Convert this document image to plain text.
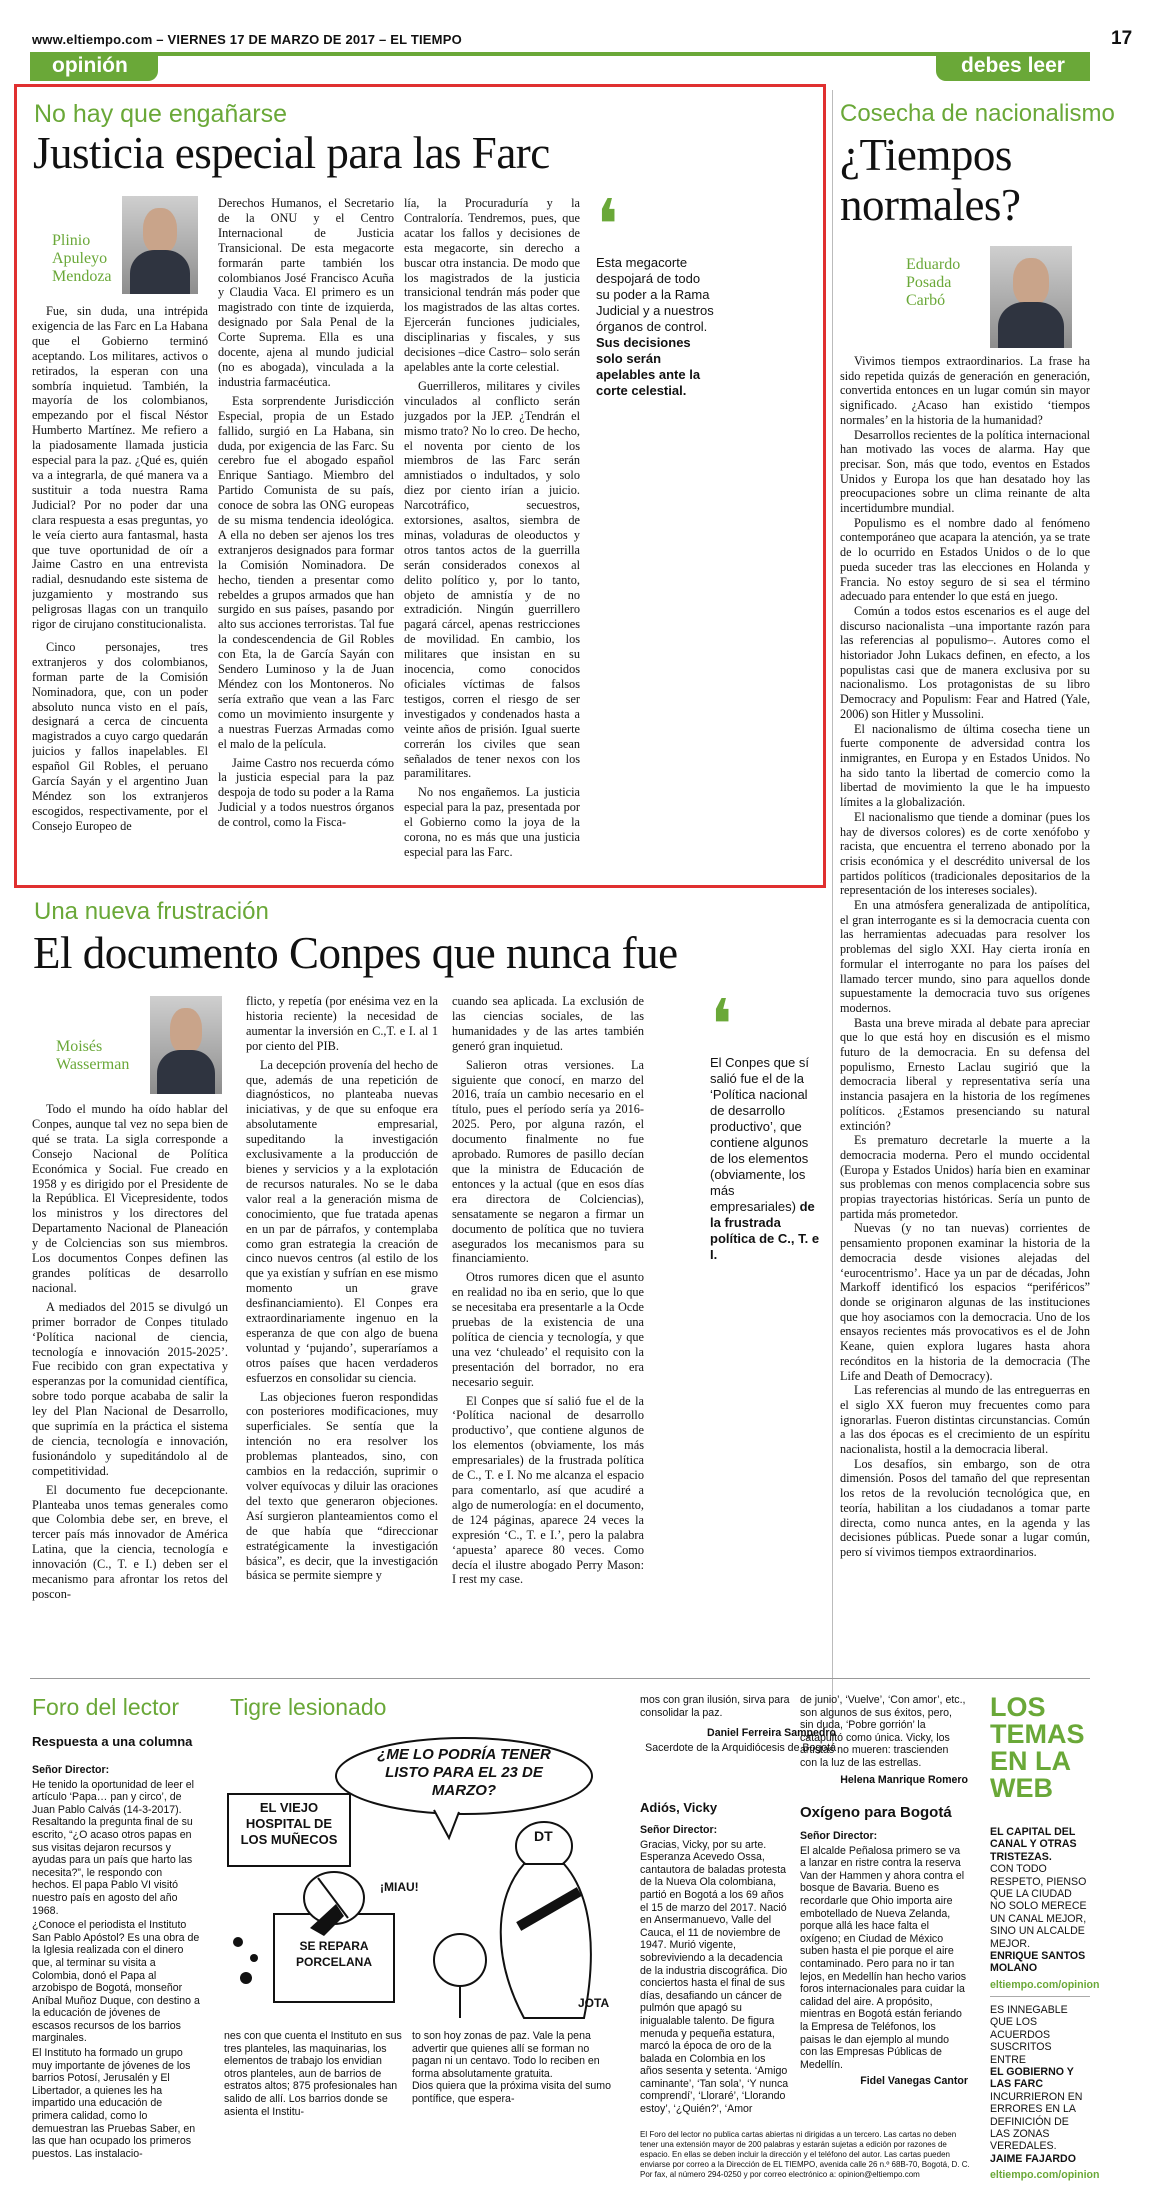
www.eltiempo.com – VIERNES 17 DE MARZO DE 2017 – EL TIEMPO	17
opinión	debes leer
No hay que engañarse
Justicia especial para las Farc
Plinio Apuleyo Mendoza

Fue, sin duda, una intrépida exigencia de las Farc en La Habana que el Gobierno terminó aceptando. Los militares, activos o retirados, la esperan con una sombría inquietud. También, la mayoría de los colombianos, empezando por el fiscal Néstor Humberto Martínez. Me refiero a la piadosamente llamada justicia especial para la paz. ¿Qué es, quién va a integrarla, de qué manera va a sustituir a toda nuestra Rama Judicial? Por no poder dar una clara respuesta a esas preguntas, yo le veía cierto aura fantasmal, hasta que tuve oportunidad de oír a Jaime Castro en una entrevista radial, desnudando este sistema de juzgamiento y mostrando sus peligrosas llagas con un tranquilo rigor de cirujano constitucionalista.

Cinco personajes, tres extranjeros y dos colombianos, forman parte de la Comisión Nominadora, que, con un poder absoluto nunca visto en el país, designará a cerca de cincuenta magistrados a cuyo cargo quedarán juicios y fallos inapelables. El español Gil Robles, el peruano García Sayán y el argentino Juan Méndez son los extranjeros escogidos, respectivamente, por el Consejo Europeo de

Derechos Humanos, el Secretario de la ONU y el Centro Internacional de Justicia Transicional. De esta megacorte formarán parte también los colombianos José Francisco Acuña y Claudia Vaca. El primero es un magistrado con tinte de izquierda, designado por Sala Penal de la Corte Suprema. Ella es una docente, ajena al mundo judicial (no es abogada), vinculada a la industria farmacéutica.

Esta sorprendente Jurisdicción Especial, propia de un Estado fallido, surgió en La Habana, sin duda, por exigencia de las Farc. Su cerebro fue el abogado español Enrique Santiago. Miembro del Partido Comunista de su país, conoce de sobra las ONG europeas de su misma tendencia ideológica. A ella no deben ser ajenos los tres extranjeros designados para formar la Comisión Nominadora. De hecho, tienden a presentar como rebeldes a grupos armados que han surgido en sus países, pasando por alto sus acciones terroristas. Tal fue la condescendencia de Gil Robles con Eta, la de García Sayán con Sendero Luminoso y la de Juan Méndez con los Montoneros. No sería extraño que vean a las Farc como un movimiento insurgente y a nuestras Fuerzas Armadas como el malo de la película.

Jaime Castro nos recuerda cómo la justicia especial para la paz despoja de todo su poder a la Rama Judicial y a todos nuestros órganos de control, como la Fisca-

lía, la Procuraduría y la Contraloría. Tendremos, pues, que acatar los fallos y decisiones de esta megacorte, sin derecho a buscar otra instancia. De modo que los magistrados de la justicia transicional tendrán más poder que los magistrados de las altas cortes. Ejercerán funciones judiciales, disciplinarias y fiscales, y sus decisiones –dice Castro– solo serán apelables ante la corte celestial.

Guerrilleros, militares y civiles vinculados al conflicto serán juzgados por la JEP. ¿Tendrán el mismo trato? No lo creo. De hecho, el noventa por ciento de los miembros de las Farc serán amnistiados o indultados, y solo diez por ciento irían a juicio. Narcotráfico, secuestros, extorsiones, asaltos, siembra de minas, voladuras de oleoductos y otros tantos actos de la guerrilla serán considerados conexos al delito político y, por lo tanto, objeto de amnistía y de no extradición. Ningún guerrillero pagará cárcel, apenas restricciones de movilidad. En cambio, los militares que insistan en su inocencia, como conocidos oficiales víctimas de falsos testigos, corren el riesgo de ser investigados y condenados hasta a veinte años de prisión. Igual suerte correrán los civiles que sean señalados de tener nexos con los paramilitares.

No nos engañemos. La justicia especial para la paz, presentada por el Gobierno como la joya de la corona, no es más que una justicia especial para las Farc.

❛
Esta megacorte despojará de todo su poder a la Rama Judicial y a nuestros órganos de control. Sus decisiones solo serán apelables ante la corte celestial.
Cosecha de nacionalismo
¿Tiempos normales?
Eduardo Posada Carbó

Vivimos tiempos extraordinarios. La frase ha sido repetida quizás de generación en generación, convertida entonces en un lugar común sin mayor significado. ¿Acaso han existido ‘tiempos normales’ en la historia de la humanidad?

Desarrollos recientes de la política internacional han motivado las voces de alarma. Hay que precisar. Son, más que todo, eventos en Estados Unidos y Europa los que han desatado hoy las preocupaciones sobre un clima reinante de alta incertidumbre mundial.

Populismo es el nombre dado al fenómeno contemporáneo que acapara la atención, ya se trate de lo ocurrido en Estados Unidos o de lo que pueda suceder tras las elecciones en Holanda y Francia. No estoy seguro de si sea el término adecuado para entender lo que está en juego.

Común a todos estos escenarios es el auge del discurso nacionalista –una importante razón para las referencias al populismo–. Autores como el historiador John Lukacs definen, en efecto, a los populistas casi que de manera exclusiva por su nacionalismo. Los protagonistas de su libro Democracy and Populism: Fear and Hatred (Yale, 2006) son Hitler y Mussolini.

El nacionalismo de última cosecha tiene un fuerte componente de adversidad contra los inmigrantes, en Europa y en Estados Unidos. No ha sido tanto la libertad de comercio como la libertad de movimiento la que le ha impuesto límites a la globalización.

El nacionalismo que tiende a dominar (pues los hay de diversos colores) es de corte xenófobo y racista, que encuentra el terreno abonado por la crisis económica y el descrédito universal de los partidos políticos (tradicionales depositarios de la representación de los intereses sociales).

En una atmósfera generalizada de antipolítica, el gran interrogante es si la democracia cuenta con las herramientas adecuadas para resolver los problemas del siglo XXI. Hay cierta ironía en formular el interrogante no para los países del llamado tercer mundo, sino para aquellos donde supuestamente la democracia tuvo sus orígenes modernos.

Basta una breve mirada al debate para apreciar que lo que está hoy en discusión es el mismo futuro de la democracia. En su defensa del populismo, Ernesto Laclau sugirió que la democracia liberal y representativa sería una instancia pasajera en la historia de los regímenes políticos. ¿Estamos presenciando su natural extinción?

Es prematuro decretarle la muerte a la democracia moderna. Pero el mundo occidental (Europa y Estados Unidos) haría bien en examinar sus problemas con menos complacencia sobre sus propias trayectorias históricas. Sería un punto de partida más prometedor.

Nuevas (y no tan nuevas) corrientes de pensamiento proponen examinar la historia de la democracia desde visiones alejadas del ‘eurocentrismo’. Hace ya un par de décadas, John Markoff identificó los espacios “periféricos” donde se originaron algunas de las instituciones que hoy asociamos con la democracia. Uno de los ensayos recientes más provocativos es el de John Keane, quien explora lugares hasta ahora recónditos en la historia de la democracia (The Life and Death of Democracy).

Las referencias al mundo de las entreguerras en el siglo XX fueron muy frecuentes como para ignorarlas. Fueron distintas circunstancias. Común a las dos épocas es el crecimiento de un espíritu nacionalista, hostil a la democracia liberal.

Los desafíos, sin embargo, son de otra dimensión. Posos del tamaño del que representan los retos de la revolución tecnológica que, en teoría, habilitan a los ciudadanos a tomar parte directa, como nunca antes, en la agenda y las decisiones públicas. Puede sonar a lugar común, pero sí vivimos tiempos extraordinarios.

Una nueva frustración
El documento Conpes que nunca fue
Moisés Wasserman

Todo el mundo ha oído hablar del Conpes, aunque tal vez no sepa bien de qué se trata. La sigla corresponde a Consejo Nacional de Política Económica y Social. Fue creado en 1958 y es dirigido por el Presidente de la República. El Vicepresidente, todos los ministros y los directores del Departamento Nacional de Planeación y de Colciencias son sus miembros. Los documentos Conpes definen las grandes políticas de desarrollo nacional.

A mediados del 2015 se divulgó un primer borrador de Conpes titulado ‘Política nacional de ciencia, tecnología e innovación 2015-2025’. Fue recibido con gran expectativa y esperanzas por la comunidad científica, sobre todo porque acababa de salir la ley del Plan Nacional de Desarrollo, que suprimía en la práctica el sistema de ciencia, tecnología e innovación, fusionándolo y supeditándolo al de competitividad.

El documento fue decepcionante. Planteaba unos temas generales como que Colombia debe ser, en breve, el tercer país más innovador de América Latina, que la ciencia, tecnología e innovación (C., T. e I.) deben ser el mecanismo para afrontar los retos del poscon-

flicto, y repetía (por enésima vez en la historia reciente) la necesidad de aumentar la inversión en C.,T. e I. al 1 por ciento del PIB.

La decepción provenía del hecho de que, además de una repetición de diagnósticos, no planteaba nuevas iniciativas, y de que su enfoque era absolutamente empresarial, supeditando la investigación exclusivamente a la producción de bienes y servicios y a la explotación de recursos naturales. No se le daba valor real a la generación misma de conocimiento, que fue tratada apenas en un par de párrafos, y contemplaba como gran estrategia la creación de cinco nuevos centros (al estilo de los que ya existían y sufrían en ese mismo momento un grave desfinanciamiento). El Conpes era extraordinariamente ingenuo en la esperanza de que con algo de buena voluntad y ‘pujando’, superaríamos a otros países que hacen verdaderos esfuerzos en consolidar su ciencia.

Las objeciones fueron respondidas con posteriores modificaciones, muy superficiales. Se sentía que la intención no era resolver los problemas planteados, sino, con cambios en la redacción, suprimir o volver equívocas y diluir las oraciones del texto que generaron objeciones. Así surgieron planteamientos como el de que había que “direccionar estratégicamente la investigación básica”, es decir, que la investigación básica se permite siempre y

cuando sea aplicada. La exclusión de las ciencias sociales, de las humanidades y de las artes también generó gran inquietud.

Salieron otras versiones. La siguiente que conocí, en marzo del 2016, traía un cambio necesario en el título, pues el período sería ya 2016-2025. Pero, por alguna razón, el documento finalmente no fue aprobado. Rumores de pasillo decían que la ministra de Educación de entonces y la actual (que en esos días era directora de Colciencias), sensatamente se negaron a firmar un documento de política que no tuviera asegurados los mecanismos para su financiamiento.

Otros rumores dicen que el asunto en realidad no iba en serio, que lo que se necesitaba era presentarle a la Ocde pruebas de la existencia de una política de ciencia y tecnología, y que una vez ‘chuleado’ el requisito con la presentación del borrador, no era necesario seguir.

El Conpes que sí salió fue el de la ‘Política nacional de desarrollo productivo’, que contiene algunos de los elementos (obviamente, los más empresariales) de la frustrada política de C., T. e I. No me alcanza el espacio para comentarlo, así que acudiré a algo de numerología: en el documento, de 124 páginas, aparece 24 veces la expresión ‘C., T. e I.’, pero la palabra ‘apuesta’ aparece 80 veces. Como decía el ilustre abogado Perry Mason: I rest my case.

❛
El Conpes que sí salió fue el de la ‘Política nacional de desarrollo productivo’, que contiene algunos de los elementos (obviamente, los más empresariales) de la frustrada política de C., T. e I.
Foro del lector
Respuesta a una columna

Señor Director:

He tenido la oportunidad de leer el artículo ‘Papa… pan y circo’, de Juan Pablo Calvás (14-3-2017). Resaltando la pregunta final de su escrito, “¿O acaso otros papas en sus visitas dejaron recursos y ayudas para un país que harto las necesita?”, le respondo con hechos. El papa Pablo VI visitó nuestro país en agosto del año 1968.

¿Conoce el periodista el Instituto San Pablo Apóstol? Es una obra de la Iglesia realizada con el dinero que, al terminar su visita a Colombia, donó el Papa al arzobispo de Bogotá, monseñor Aníbal Muñoz Duque, con destino a la educación de jóvenes de escasos recursos de los barrios marginales.

El Instituto ha formado un grupo muy importante de jóvenes de los barrios Potosí, Jerusalén y El Libertador, a quienes les ha impartido una educación de primera calidad, como lo demuestran las Pruebas Saber, en las que han ocupado los primeros puestos. Las instalacio-

Tigre lesionado
¿ME LO PODRÍA TENER LISTO PARA EL 23 DE MARZO?
EL VIEJO HOSPITAL DE LOS MUÑECOS
¡MIAU!
SE REPARA PORCELANA
DT
JOTA
nes con que cuenta el Instituto en sus tres planteles, las maquinarias, los elementos de trabajo los envidian otros planteles, aun de barrios de estratos altos; 875 profesionales han salido de allí. Los barrios donde se asienta el Institu-
to son hoy zonas de paz. Vale la pena advertir que quienes allí se forman no pagan ni un centavo. Todo lo reciben en forma absolutamente gratuita.
Dios quiera que la próxima visita del sumo pontífice, que espera-

mos con gran ilusión, sirva para consolidar la paz.

Daniel Ferreira Sampedro

Sacerdote de la Arquidiócesis de Bogotá

Adiós, Vicky

Señor Director:

Gracias, Vicky, por su arte. Esperanza Acevedo Ossa, cantautora de baladas protesta de la Nueva Ola colombiana, partió en Bogotá a los 69 años el 15 de marzo del 2017. Nació en Ansermanuevo, Valle del Cauca, el 11 de noviembre de 1947. Murió vigente, sobreviviendo a la decadencia de la industria discográfica. Dio conciertos hasta el final de sus días, desafiando un cáncer de pulmón que apagó su inigualable talento. De figura menuda y pequeña estatura, marcó la época de oro de la balada en Colombia en los años sesenta y setenta. ‘Amigo caminante’, ‘Tan sola’, ‘Y nunca comprendí’, ‘Lloraré’, ‘Llorando estoy’, ‘¿Quién?’, ‘Amor

de junio’, ‘Vuelve’, ‘Con amor’, etc., son algunos de sus éxitos, pero, sin duda, ‘Pobre gorrión’ la catapultó como única. Vicky, los artistas no mueren: trascienden con la luz de las estrellas.

Helena Manrique Romero

Oxígeno para Bogotá

Señor Director:

El alcalde Peñalosa primero se va a lanzar en ristre contra la reserva Van der Hammen y ahora contra el bosque de Bavaria. Bueno es recordarle que Ohio importa aire embotellado de Nueva Zelanda, porque allá les hace falta el oxígeno; en Ciudad de México suben hasta el pie porque el aire contaminado. Pero para no ir tan lejos, en Medellín han hecho varios foros internacionales para cuidar la calidad del aire. A propósito, mientras en Bogotá están feriando la Empresa de Teléfonos, los paisas le dan ejemplo al mundo con las Empresas Públicas de Medellín.

Fidel Vanegas Cantor

El Foro del lector no publica cartas abiertas ni dirigidas a un tercero. Las cartas no deben tener una extensión mayor de 200 palabras y estarán sujetas a edición por razones de espacio. En ellas se deben incluir la dirección y el teléfono del autor. Las cartas pueden enviarse por correo a la Dirección de EL TIEMPO, avenida calle 26 n.º 68B-70, Bogotá, D. C. Por fax, al número 294-0250 y por correo electrónico a: opinion@eltiempo.com
LOS TEMAS EN LA WEB
EL CAPITAL DEL CANAL Y OTRAS TRISTEZAS.
CON TODO RESPETO, PIENSO QUE LA CIUDAD NO SOLO MERECE UN CANAL MEJOR, SINO UN ALCALDE MEJOR.
ENRIQUE SANTOS MOLANO
eltiempo.com/opinion
ES INNEGABLE QUE LOS ACUERDOS SUSCRITOS ENTRE
EL GOBIERNO Y LAS FARC
INCURRIERON EN ERRORES EN LA DEFINICIÓN DE LAS ZONAS VEREDALES.
JAIME FAJARDO
eltiempo.com/opinion
